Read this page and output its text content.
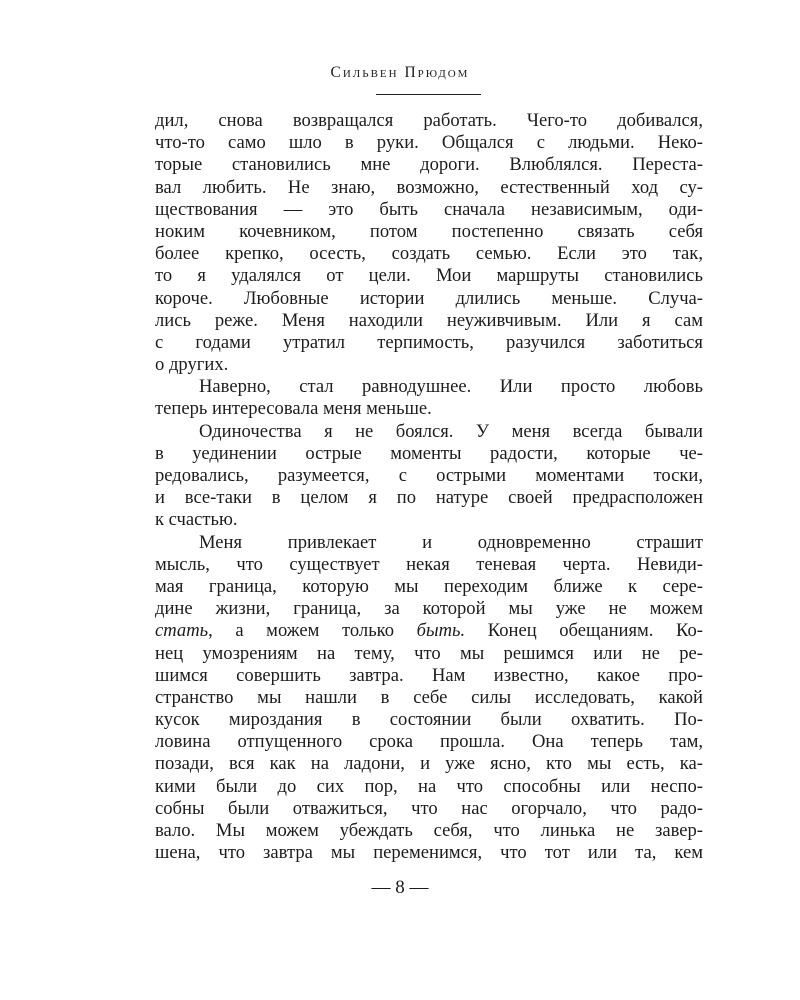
Сильвен Прюдом
дил, снова возвращался работать. Чего-то добивался,
что-то само шло в руки. Общался с людьми. Неко-
торые становились мне дороги. Влюблялся. Переста-
вал любить. Не знаю, возможно, естественный ход су-
ществования — это быть сначала независимым, оди-
ноким кочевником, потом постепенно связать себя
более крепко, осесть, создать семью. Если это так,
то я удалялся от цели. Мои маршруты становились
короче. Любовные истории длились меньше. Случа-
лись реже. Меня находили неуживчивым. Или я сам
с годами утратил терпимость, разучился заботиться
о других.
Наверно, стал равнодушнее. Или просто любовь
теперь интересовала меня меньше.
Одиночества я не боялся. У меня всегда бывали
в уединении острые моменты радости, которые че-
редовались, разумеется, с острыми моментами тоски,
и все-таки в целом я по натуре своей предрасположен
к счастью.
Меня привлекает и одновременно страшит
мысль, что существует некая теневая черта. Невиди-
мая граница, которую мы переходим ближе к сере-
дине жизни, граница, за которой мы уже не можем
стать, а можем только быть. Конец обещаниям. Ко-
нец умозрениям на тему, что мы решимся или не ре-
шимся совершить завтра. Нам известно, какое про-
странство мы нашли в себе силы исследовать, какой
кусок мироздания в состоянии были охватить. По-
ловина отпущенного срока прошла. Она теперь там,
позади, вся как на ладони, и уже ясно, кто мы есть, ка-
кими были до сих пор, на что способны или неспо-
собны были отважиться, что нас огорчало, что радо-
вало. Мы можем убеждать себя, что линька не завер-
шена, что завтра мы переменимся, что тот или та, кем
— 8 —
